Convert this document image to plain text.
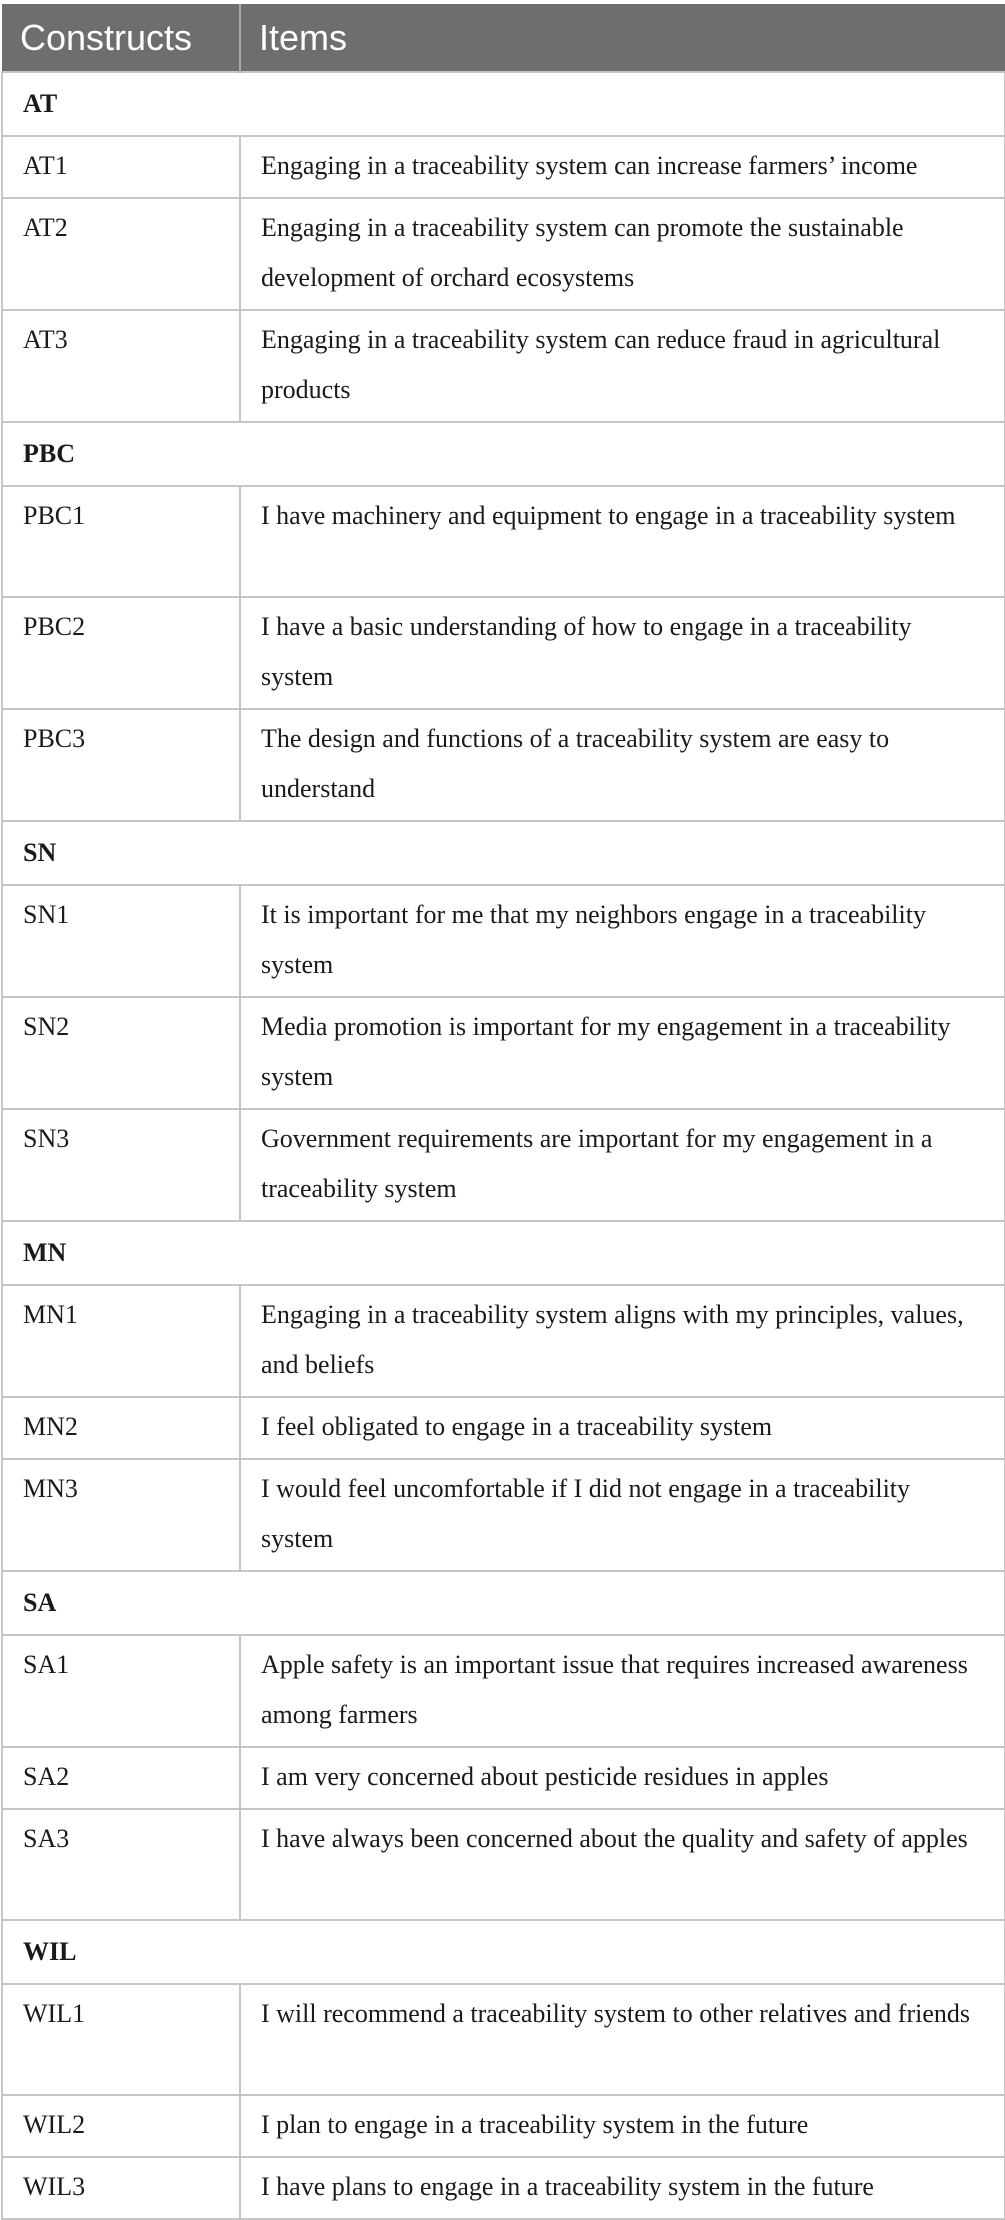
Constructs	Items
AT	
AT1	Engaging in a traceability system can increase farmers’ income
AT2	Engaging in a traceability system can promote the sustainable development of orchard ecosystems
AT3	Engaging in a traceability system can reduce fraud in agricultural products
PBC	
PBC1	I have machinery and equipment to engage in a traceability system
PBC2	I have a basic understanding of how to engage in a traceability system
PBC3	The design and functions of a traceability system are easy to understand
SN	
SN1	It is important for me that my neighbors engage in a traceability system
SN2	Media promotion is important for my engagement in a traceability system
SN3	Government requirements are important for my engagement in a traceability system
MN	
MN1	Engaging in a traceability system aligns with my principles, values, and beliefs
MN2	I feel obligated to engage in a traceability system
MN3	I would feel uncomfortable if I did not engage in a traceability system
SA	
SA1	Apple safety is an important issue that requires increased awareness among farmers
SA2	I am very concerned about pesticide residues in apples
SA3	I have always been concerned about the quality and safety of apples
WIL	
WIL1	I will recommend a traceability system to other relatives and friends
WIL2	I plan to engage in a traceability system in the future
WIL3	I have plans to engage in a traceability system in the future
